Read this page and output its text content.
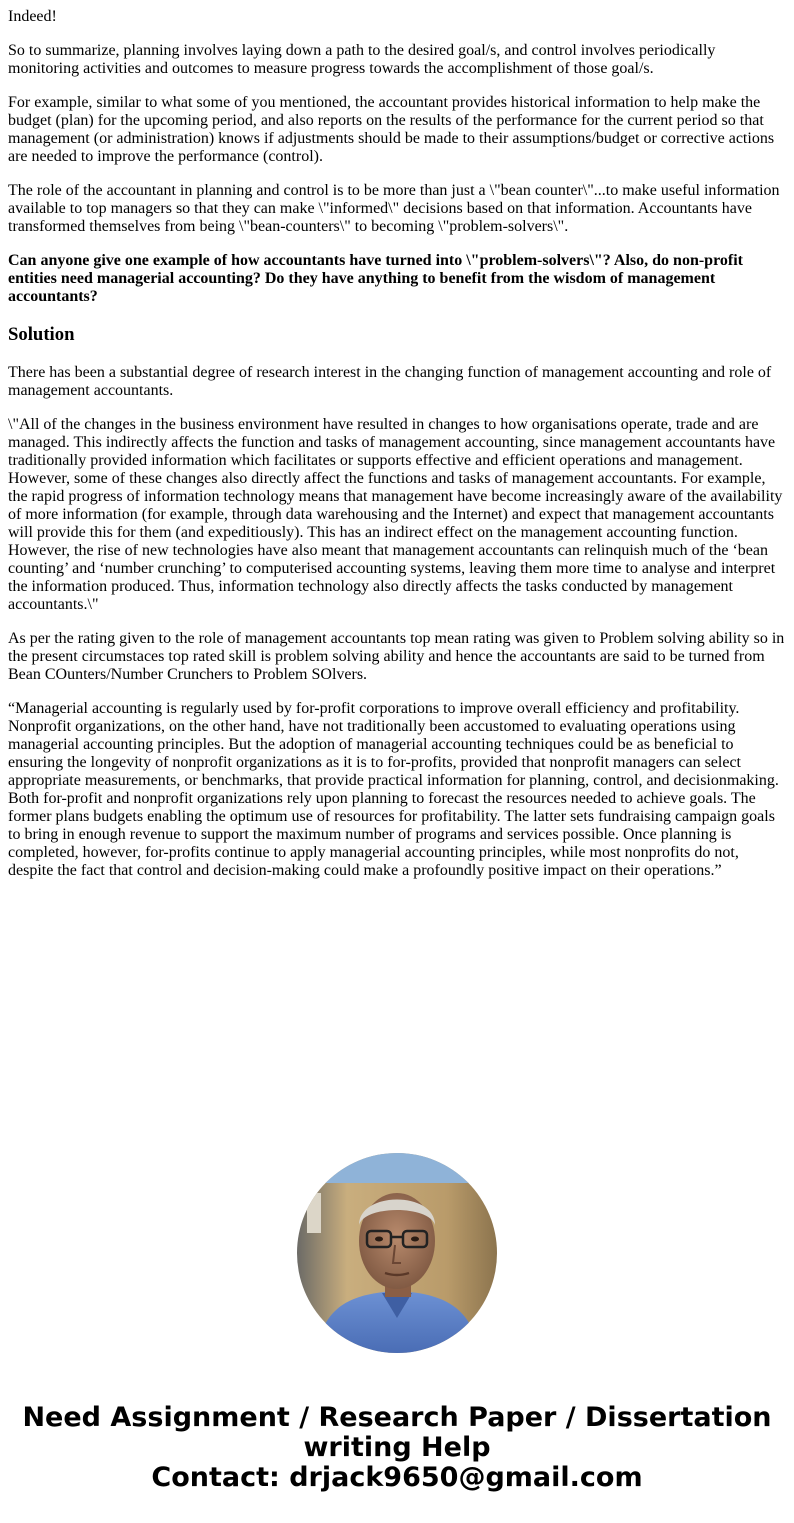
Indeed!

So to summarize, planning involves laying down a path to the desired goal/s, and control involves periodically monitoring activities and outcomes to measure progress towards the accomplishment of those goal/s.

For example, similar to what some of you mentioned, the accountant provides historical information to help make the budget (plan) for the upcoming period, and also reports on the results of the performance for the current period so that management (or administration) knows if adjustments should be made to their assumptions/budget or corrective actions are needed to improve the performance (control).

The role of the accountant in planning and control is to be more than just a \"bean counter\"...to make useful information available to top managers so that they can make \"informed\" decisions based on that information. Accountants have transformed themselves from being \"bean-counters\" to becoming \"problem-solvers\".

Can anyone give one example of how accountants have turned into \"problem-solvers\"? Also, do non-profit entities need managerial accounting? Do they have anything to benefit from the wisdom of management accountants?

Solution

There has been a substantial degree of research interest in the changing function of management accounting and role of management accountants.

\"All of the changes in the business environment have resulted in changes to how organisations operate, trade and are managed. This indirectly affects the function and tasks of management accounting, since management accountants have traditionally provided information which facilitates or supports effective and efficient operations and management. However, some of these changes also directly affect the functions and tasks of management accountants. For example, the rapid progress of information technology means that management have become increasingly aware of the availability of more information (for example, through data warehousing and the Internet) and expect that management accountants will provide this for them (and expeditiously). This has an indirect effect on the management accounting function. However, the rise of new technologies have also meant that management accountants can relinquish much of the ‘bean counting’ and ‘number crunching’ to computerised accounting systems, leaving them more time to analyse and interpret the information produced. Thus, information technology also directly affects the tasks conducted by management accountants.\"

As per the rating given to the role of management accountants top mean rating was given to Problem solving ability so in the present circumstaces top rated skill is problem solving ability and hence the accountants are said to be turned from Bean COunters/Number Crunchers to Problem SOlvers.

“Managerial accounting is regularly used by for-profit corporations to improve overall efficiency and profitability. Nonprofit organizations, on the other hand, have not traditionally been accustomed to evaluating operations using managerial accounting principles. But the adoption of managerial accounting techniques could be as beneficial to ensuring the longevity of nonprofit organizations as it is to for-profits, provided that nonprofit managers can select appropriate measurements, or benchmarks, that provide practical information for planning, control, and decisionmaking. Both for-profit and nonprofit organizations rely upon planning to forecast the resources needed to achieve goals. The former plans budgets enabling the optimum use of resources for profitability. The latter sets fundraising campaign goals to bring in enough revenue to support the maximum number of programs and services possible. Once planning is completed, however, for-profits continue to apply managerial accounting principles, while most nonprofits do not, despite the fact that control and decision-making could make a profoundly positive impact on their operations.”

Need Assignment / Research Paper / Dissertation
writing Help
Contact: drjack9650@gmail.com
